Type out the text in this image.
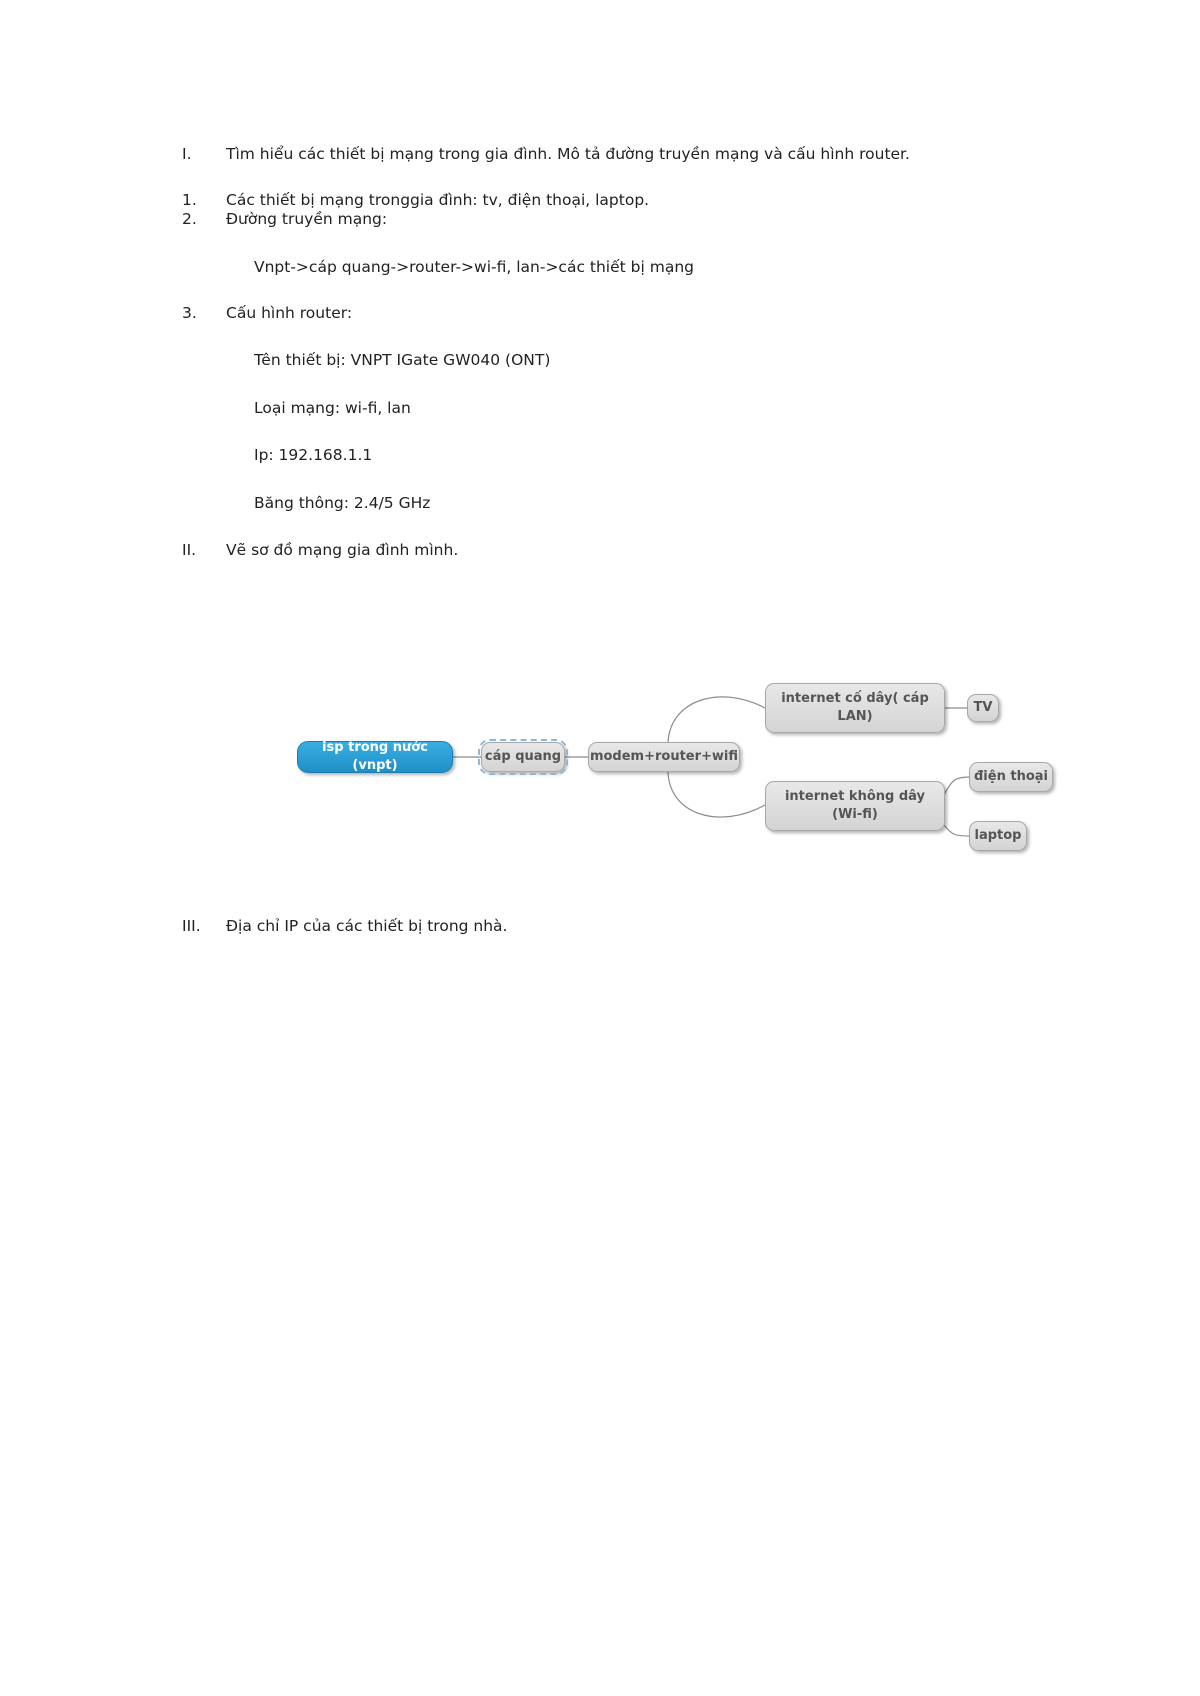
I. Tìm hiểu các thiết bị mạng trong gia đình. Mô tả đường truyền mạng và cấu hình router.
1. Các thiết bị mạng tronggia đình: tv, điện thoại, laptop.
2. Đường truyền mạng:
Vnpt->cáp quang->router->wi-fi, lan->các thiết bị mạng
3. Cấu hình router:
Tên thiết bị: VNPT IGate GW040 (ONT)
Loại mạng: wi-fi, lan
Ip: 192.168.1.1
Băng thông: 2.4/5 GHz
II. Vẽ sơ đồ mạng gia đình mình.
isp trong nước (vnpt)
cáp quang modem+router+wifi
internet cố dây( cáp LAN)
internet không dây (Wi-fi)
TV
điện thoại
laptop
III. Địa chỉ IP của các thiết bị trong nhà.
